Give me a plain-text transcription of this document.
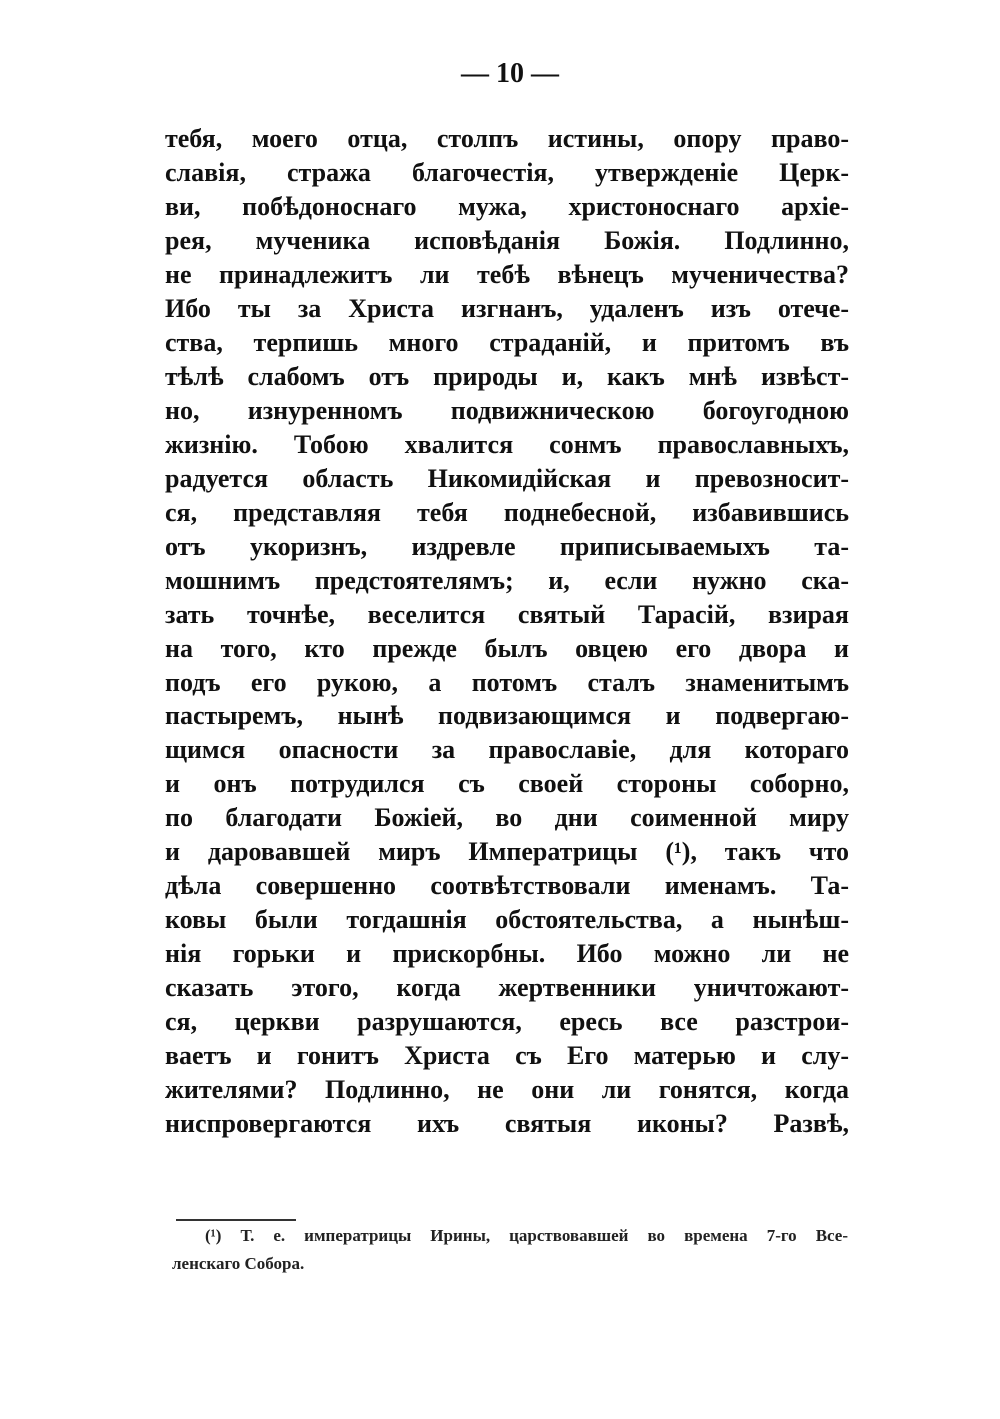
— 10 —
тебя, моего отца, столпъ истины, опору право-
славія, стража благочестія, утвержденіе Церк-
ви, побѣдоноснаго мужа, христоноснаго архіе-
рея, мученика исповѣданія Божія. Подлинно,
не принадлежитъ ли тебѣ вѣнецъ мученичества?
Ибо ты за Христа изгнанъ, удаленъ изъ отече-
ства, терпишь много страданій, и притомъ въ
тѣлѣ слабомъ отъ природы и, какъ мнѣ извѣст-
но, изнуренномъ подвижническою богоугодною
жизнію. Тобою хвалится сонмъ православныхъ,
радуется область Никомидійская и превозносит-
ся, представляя тебя поднебесной, избавившись
отъ укоризнъ, издревле приписываемыхъ та-
мошнимъ предстоятелямъ; и, если нужно ска-
зать точнѣе, веселится святый Тарасій, взирая
на того, кто прежде былъ овцею его двора и
подъ его рукою, а потомъ сталъ знаменитымъ
пастыремъ, нынѣ подвизающимся и подвергаю-
щимся опасности за православіе, для котораго
и онъ потрудился съ своей стороны соборно,
по благодати Божіей, во дни соименной миру
и даровавшей миръ Императрицы (¹), такъ что
дѣла совершенно соотвѣтствовали именамъ. Та-
ковы были тогдашнія обстоятельства, а нынѣш-
нія горьки и прискорбны. Ибо можно ли не
сказать этого, когда жертвенники уничтожают-
ся, церкви разрушаются, ересь все разстрои-
ваетъ и гонитъ Христа съ Его матерью и слу-
жителями? Подлинно, не они ли гонятся, когда
ниспровергаются ихъ святыя иконы? Развѣ,
(¹) Т. е. императрицы Ирины, царствовавшей во времена 7-го Все-
ленскаго Собора.
